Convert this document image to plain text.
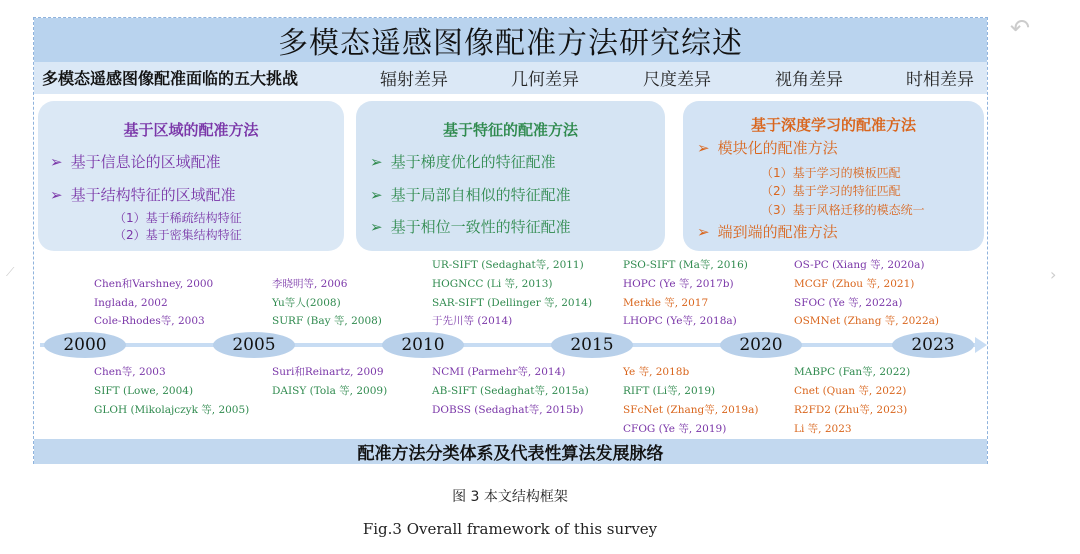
多模态遥感图像配准方法研究综述
多模态遥感图像配准面临的五大挑战	辐射差异	几何差异	尺度差异	视角差异	时相差异
基于区域的配准方法
➢ 基于信息论的区域配准
➢ 基于结构特征的区域配准
（1）基于稀疏结构特征
（2）基于密集结构特征
基于特征的配准方法
➢ 基于梯度优化的特征配准
➢ 基于局部自相似的特征配准
➢ 基于相位一致性的特征配准
基于深度学习的配准方法
➢ 模块化的配准方法
（1）基于学习的模板匹配
（2）基于学习的特征匹配
（3）基于风格迁移的模态统一
➢ 端到端的配准方法
2000	2005	2010	2015	2020	2023
Chen和Varshney, 2000
Inglada, 2002
Cole-Rhodes等, 2003
李晓明等, 2006
Yu等人(2008)
SURF (Bay 等, 2008)
UR-SIFT (Sedaghat等, 2011)
HOGNCC (Li 等, 2013)
SAR-SIFT (Dellinger 等, 2014)
于先川等 (2014)
PSO-SIFT (Ma等, 2016)
HOPC (Ye 等, 2017b)
Merkle 等, 2017
LHOPC (Ye等, 2018a)
OS-PC (Xiang 等, 2020a)
MCGF (Zhou 等, 2021)
SFOC (Ye 等, 2022a)
OSMNet (Zhang 等, 2022a)
Chen等, 2003
SIFT (Lowe, 2004)
GLOH (Mikolajczyk 等, 2005)
Suri和Reinartz, 2009
DAISY (Tola 等, 2009)
NCMI (Parmehr等, 2014)
AB-SIFT (Sedaghat等, 2015a)
DOBSS (Sedaghat等, 2015b)
Ye 等, 2018b
RIFT (Li等, 2019)
SFcNet (Zhang等, 2019a)
CFOG (Ye 等, 2019)
MABPC (Fan等, 2022)
Cnet (Quan 等, 2022)
R2FD2 (Zhu等, 2023)
Li 等, 2023
配准方法分类体系及代表性算法发展脉络
图 3 本文结构框架
Fig.3 Overall framework of this survey
›
↶
⟋
